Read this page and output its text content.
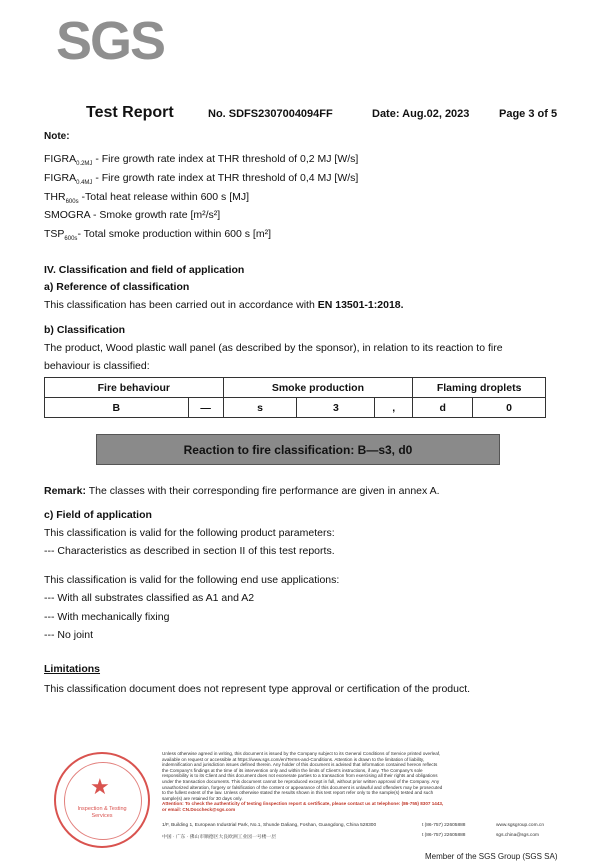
SGS
Test Report	No. SDFS2307004094FF	Date: Aug.02, 2023	Page 3 of 5
Note:
$FIGRA_{0.2MJ}$ - Fire growth rate index at THR threshold of 0,2 MJ [W/s]
$FIGRA_{0.4MJ}$ - Fire growth rate index at THR threshold of 0,4 MJ [W/s]
$THR_{600s}$ -Total heat release within 600 s [MJ]
SMOGRA - Smoke growth rate [m²/s²]
$TSP_{600s}-$ Total smoke production within 600 s [m²]
IV. Classification and field of application
a) Reference of classification
This classification has been carried out in accordance with EN 13501-1:2018.
b) Classification
The product, Wood plastic wall panel (as described by the sponsor), in relation to its reaction to fire
behaviour is classified:
Fire behaviour		Smoke production			Flaming droplets	
B	—	s	3	,	d	0
Reaction to fire classification: B—s3, d0
Remark: The classes with their corresponding fire performance are given in annex A.
c) Field of application
This classification is valid for the following product parameters:
--- Characteristics as described in section II of this test reports.
This classification is valid for the following end use applications:
--- With all substrates classified as A1 and A2
--- With mechanically fixing
--- No joint
Limitations
This classification document does not represent type approval or certification of the product.
★
Inspection & Testing Services
Unless otherwise agreed in writing, this document is issued by the Company subject to its General Conditions of Service printed overleaf,
available on request or accessible at https://www.sgs.com/en/Terms-and-Conditions. Attention is drawn to the limitation of liability,
indemnification and jurisdiction issues defined therein. Any holder of this document is advised that information contained hereon reflects
the Company's findings at the time of its intervention only and within the limits of Client's instructions, if any. The Company's sole
responsibility is to its Client and this document does not exonerate parties to a transaction from exercising all their rights and obligations
under the transaction documents. This document cannot be reproduced except in full, without prior written approval of the Company. Any
unauthorized alteration, forgery or falsification of the content or appearance of this document is unlawful and offenders may be prosecuted
to the fullest extent of the law. Unless otherwise stated the results shown in this test report refer only to the sample(s) tested and such
sample(s) are retained for 30 days only.
Attention: To check the authenticity of testing /inspection report & certificate, please contact us at telephone: (86-755) 8307 1443,
or email: CN.Doccheck@sgs.com
1/F, Building 1, European Industrial Park, No.1, Shunde Daliang, Foshan, Guangdong, China 528300	t (86-757) 22605888	www.sgsgroup.com.cn
中国 · 广东 · 佛山市顺德区大良欧洲工业园一号楼一层	t (86-757) 22605888	sgs.china@sgs.com
Member of the SGS Group (SGS SA)
